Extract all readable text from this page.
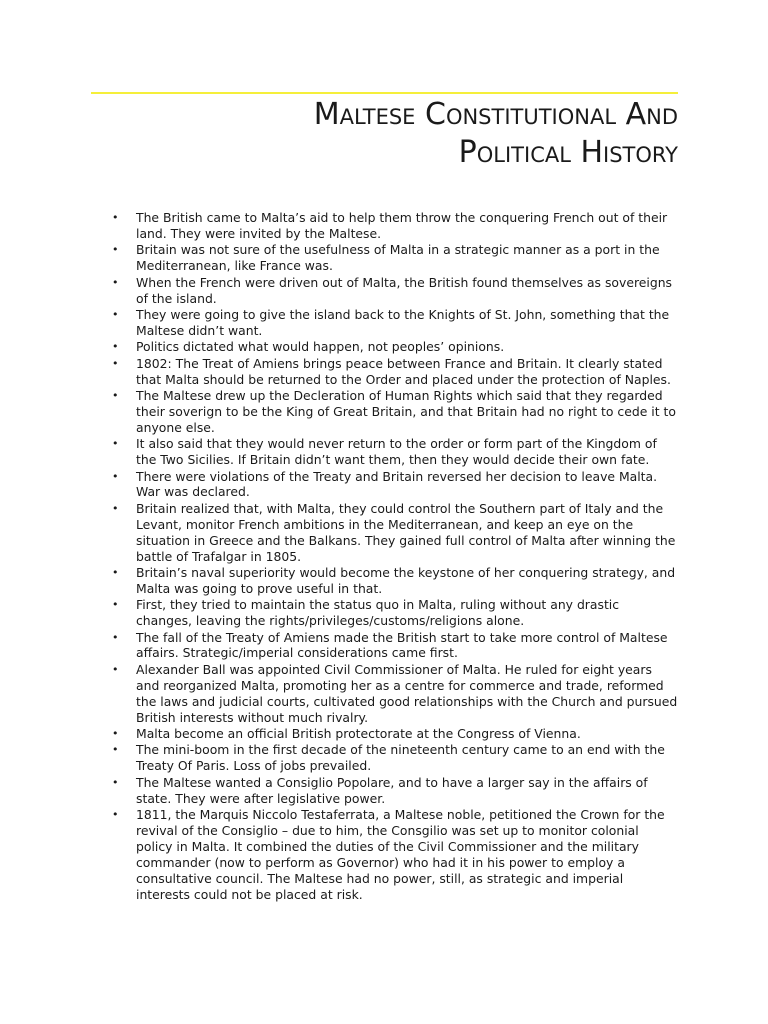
Maltese Constitutional And Political History
• The British came to Malta’s aid to help them throw the conquering French out of their land. They were invited by the Maltese.
• Britain was not sure of the usefulness of Malta in a strategic manner as a port in the Mediterranean, like France was.
• When the French were driven out of Malta, the British found themselves as sovereigns of the island.
• They were going to give the island back to the Knights of St. John, something that the Maltese didn’t want.
• Politics dictated what would happen, not peoples’ opinions.
• 1802: The Treat of Amiens brings peace between France and Britain. It clearly stated that Malta should be returned to the Order and placed under the protection of Naples.
• The Maltese drew up the Decleration of Human Rights which said that they regarded their soverign to be the King of Great Britain, and that Britain had no right to cede it to anyone else.
• It also said that they would never return to the order or form part of the Kingdom of the Two Sicilies. If Britain didn’t want them, then they would decide their own fate.
• There were violations of the Treaty and Britain reversed her decision to leave Malta. War was declared.
• Britain realized that, with Malta, they could control the Southern part of Italy and the Levant, monitor French ambitions in the Mediterranean, and keep an eye on the situation in Greece and the Balkans. They gained full control of Malta after winning the battle of Trafalgar in 1805.
• Britain’s naval superiority would become the keystone of her conquering strategy, and Malta was going to prove useful in that.
• First, they tried to maintain the status quo in Malta, ruling without any drastic changes, leaving the rights/privileges/customs/religions alone.
• The fall of the Treaty of Amiens made the British start to take more control of Maltese affairs. Strategic/imperial considerations came first.
• Alexander Ball was appointed Civil Commissioner of Malta. He ruled for eight years and reorganized Malta, promoting her as a centre for commerce and trade, reformed the laws and judicial courts, cultivated good relationships with the Church and pursued British interests without much rivalry.
• Malta become an official British protectorate at the Congress of Vienna.
• The mini-boom in the first decade of the nineteenth century came to an end with the Treaty Of Paris. Loss of jobs prevailed.
• The Maltese wanted a Consiglio Popolare, and to have a larger say in the affairs of state. They were after legislative power.
• 1811, the Marquis Niccolo Testaferrata, a Maltese noble, petitioned the Crown for the revival of the Consiglio – due to him, the Consgilio was set up to monitor colonial policy in Malta. It combined the duties of the Civil Commissioner and the military commander (now to perform as Governor) who had it in his power to employ a consultative council. The Maltese had no power, still, as strategic and imperial interests could not be placed at risk.
